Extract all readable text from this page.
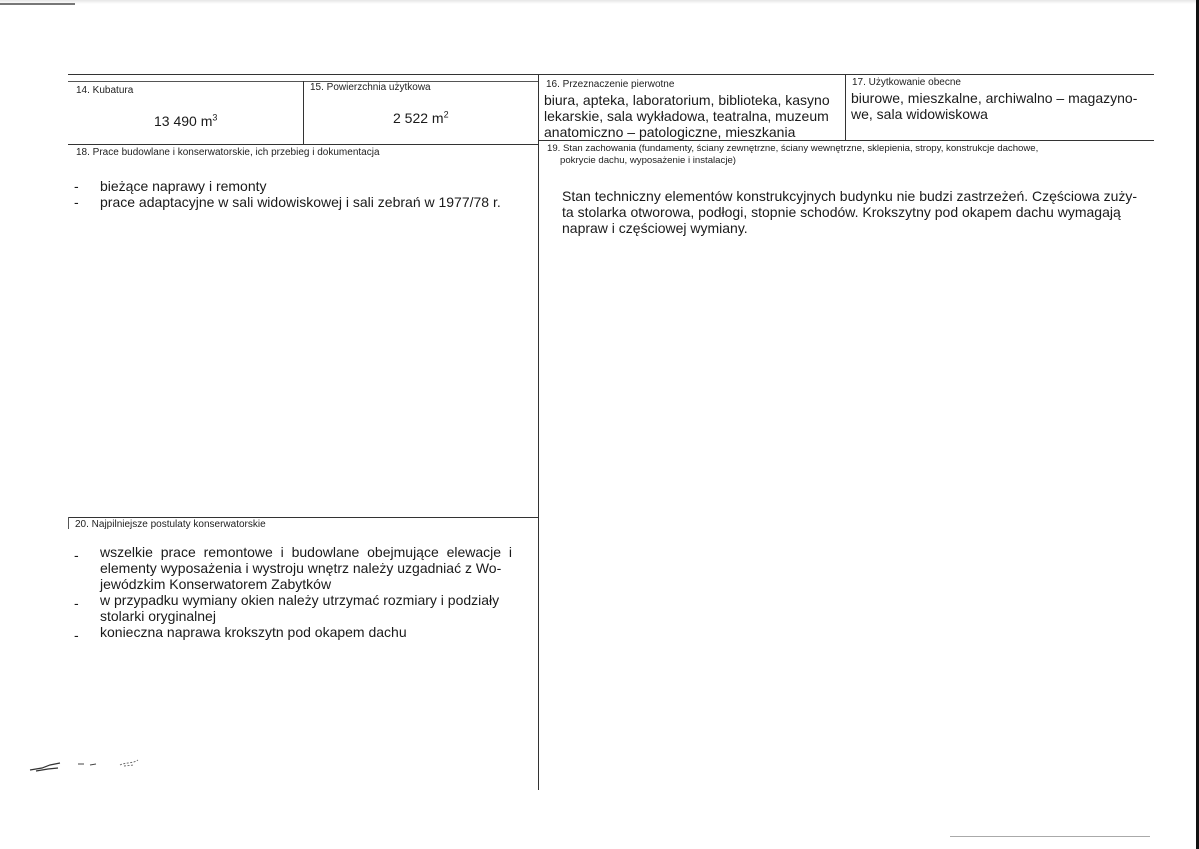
14. Kubatura
13 490 $m^3$
15. Powierzchnia użytkowa
2 522 $m^2$
16. Przeznaczenie pierwotne
biura, apteka, laboratorium, biblioteka, kasyno
lekarskie, sala wykładowa, teatralna, muzeum
anatomiczno – patologiczne, mieszkania
17. Użytkowanie obecne
biurowe, mieszkalne, archiwalno – magazyno-
we, sala widowiskowa
18. Prace budowlane i konserwatorskie, ich przebieg i dokumentacja
- bieżące naprawy i remonty
- prace adaptacyjne w sali widowiskowej i sali zebrań w 1977/78 r.
19. Stan zachowania (fundamenty, ściany zewnętrzne, ściany wewnętrzne, sklepienia, stropy, konstrukcje dachowe,
pokrycie dachu, wyposażenie i instalacje)
Stan techniczny elementów konstrukcyjnych budynku nie budzi zastrzeżeń. Częściowa zuży-
ta stolarka otworowa, podłogi, stopnie schodów. Krokszytny pod okapem dachu wymagają
napraw i częściowej wymiany.
20. Najpilniejsze postulaty konserwatorskie
- wszelkie prace remontowe i budowlane obejmujące elewacje i
elementy wyposażenia i wystroju wnętrz należy uzgadniać z Wo-
jewódzkim Konserwatorem Zabytków
- w przypadku wymiany okien należy utrzymać rozmiary i podziały
stolarki oryginalnej
- konieczna naprawa krokszytn pod okapem dachu
